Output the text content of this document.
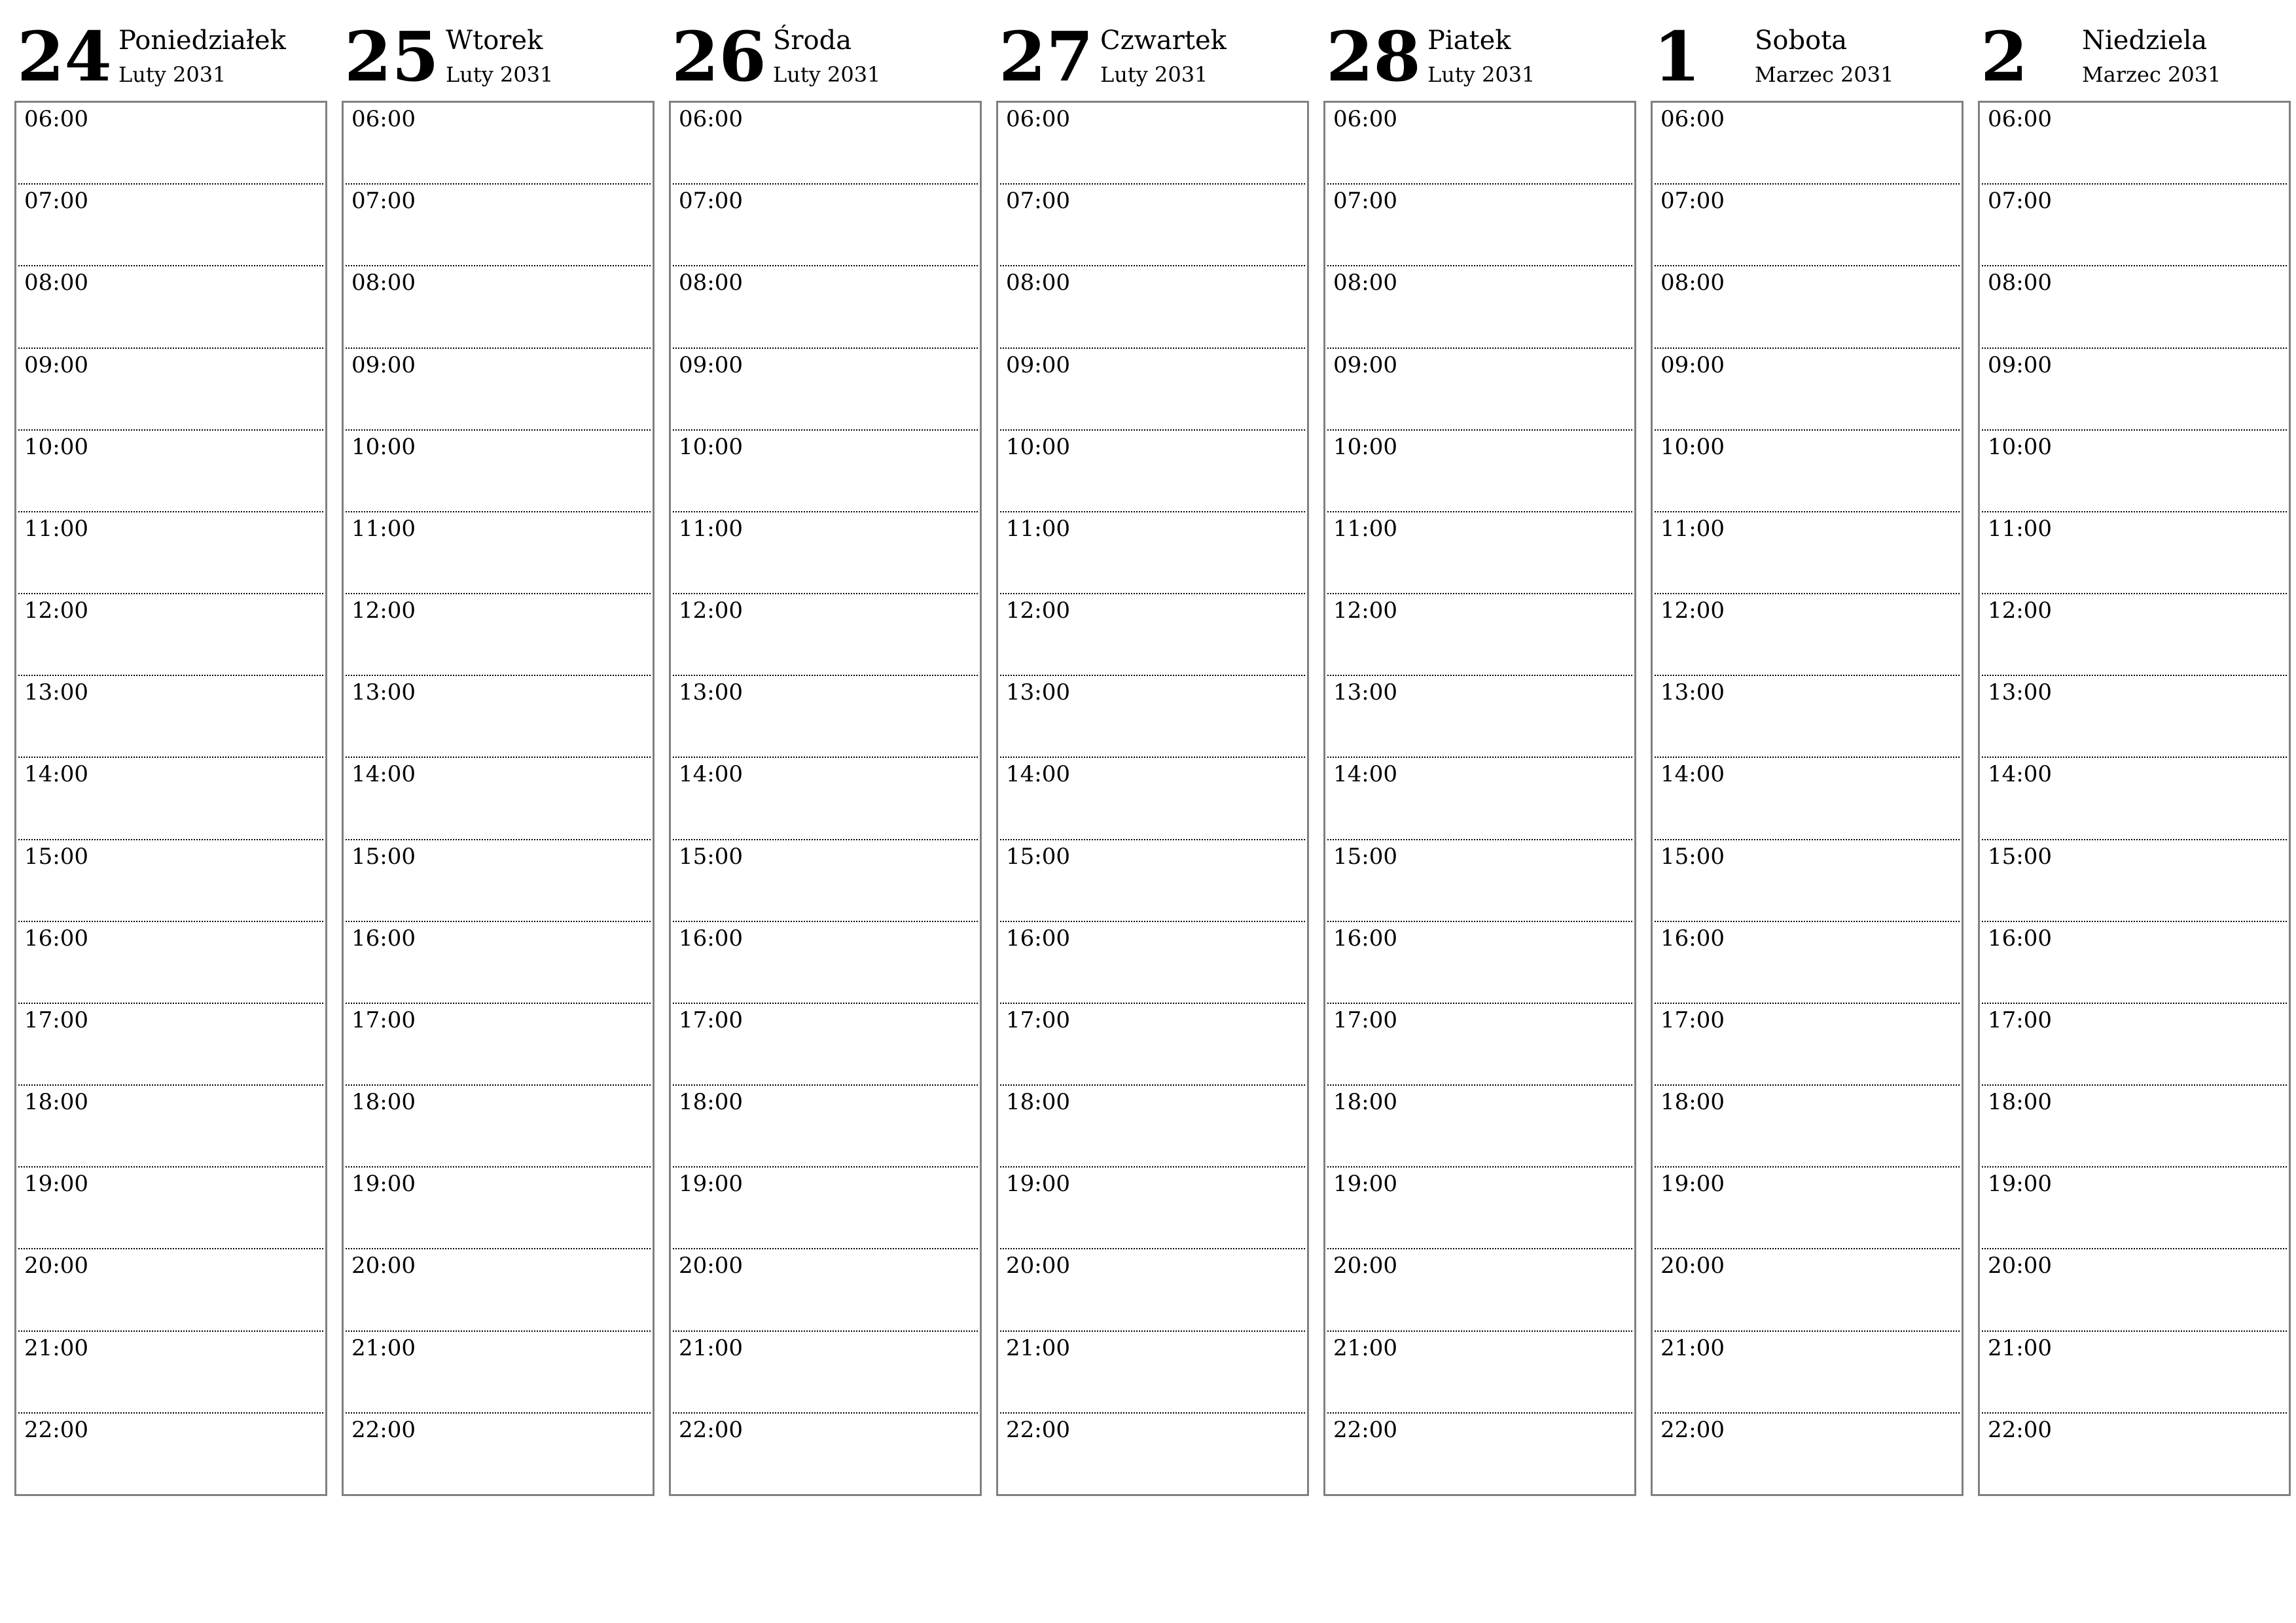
24 Poniedziałek
Luty 2031
06:00
07:00
08:00
09:00
10:00
11:00
12:00
13:00
14:00
15:00
16:00
17:00
18:00
19:00
20:00
21:00
22:00
25 Wtorek
Luty 2031
06:00
07:00
08:00
09:00
10:00
11:00
12:00
13:00
14:00
15:00
16:00
17:00
18:00
19:00
20:00
21:00
22:00
26 Środa
Luty 2031
06:00
07:00
08:00
09:00
10:00
11:00
12:00
13:00
14:00
15:00
16:00
17:00
18:00
19:00
20:00
21:00
22:00
27 Czwartek
Luty 2031
06:00
07:00
08:00
09:00
10:00
11:00
12:00
13:00
14:00
15:00
16:00
17:00
18:00
19:00
20:00
21:00
22:00
28 Piatek
Luty 2031
06:00
07:00
08:00
09:00
10:00
11:00
12:00
13:00
14:00
15:00
16:00
17:00
18:00
19:00
20:00
21:00
22:00
1 Sobota
Marzec 2031
06:00
07:00
08:00
09:00
10:00
11:00
12:00
13:00
14:00
15:00
16:00
17:00
18:00
19:00
20:00
21:00
22:00
2 Niedziela
Marzec 2031
06:00
07:00
08:00
09:00
10:00
11:00
12:00
13:00
14:00
15:00
16:00
17:00
18:00
19:00
20:00
21:00
22:00
